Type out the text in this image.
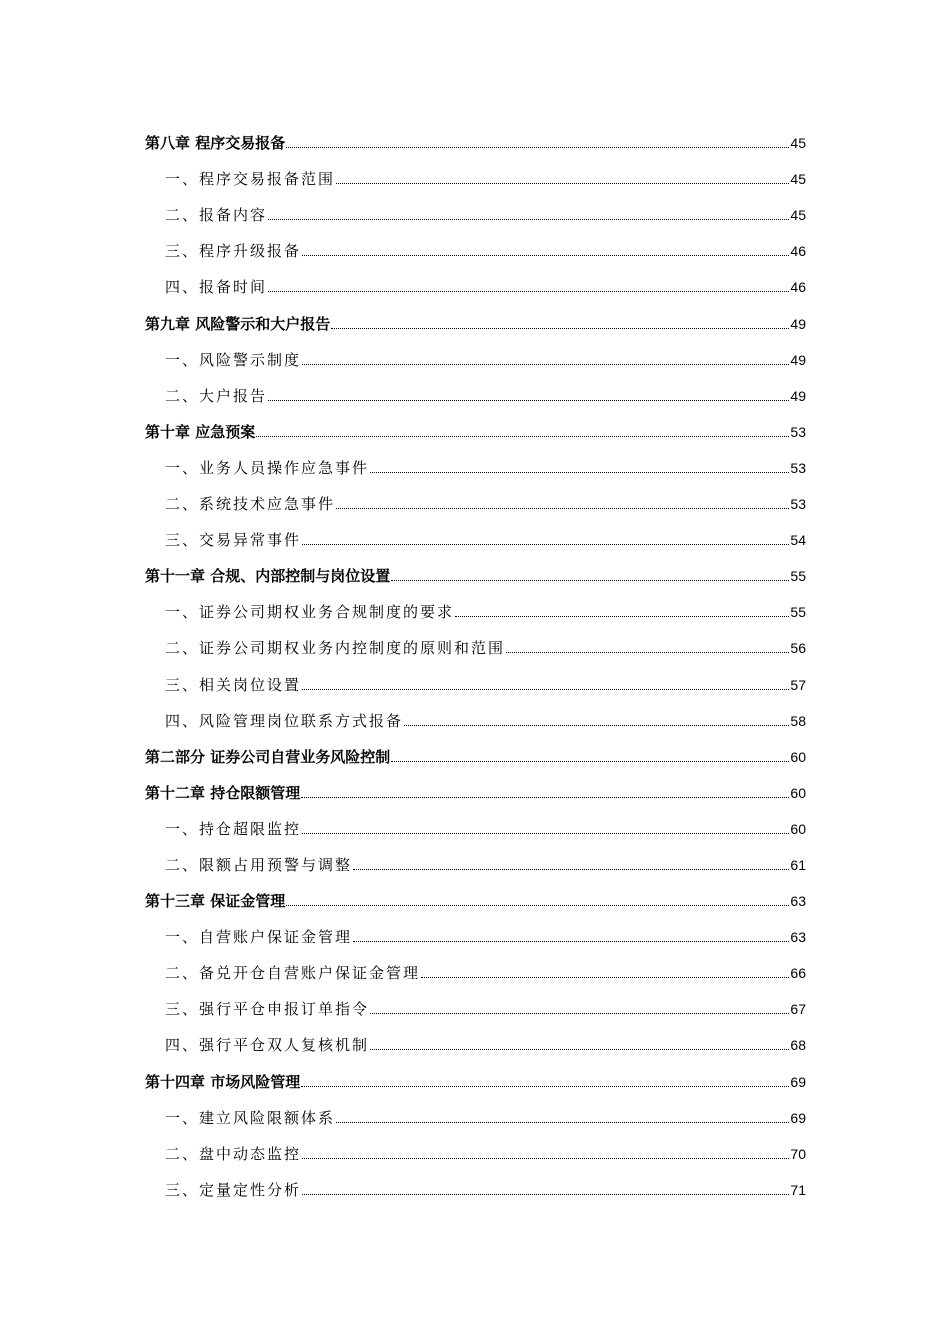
第八章 程序交易报备	45
一、程序交易报备范围	45
二、报备内容	45
三、程序升级报备	46
四、报备时间	46
第九章 风险警示和大户报告	49
一、风险警示制度	49
二、大户报告	49
第十章 应急预案	53
一、业务人员操作应急事件	53
二、系统技术应急事件	53
三、交易异常事件	54
第十一章 合规、内部控制与岗位设置	55
一、证券公司期权业务合规制度的要求	55
二、证券公司期权业务内控制度的原则和范围	56
三、相关岗位设置	57
四、风险管理岗位联系方式报备	58
第二部分 证券公司自营业务风险控制	60
第十二章 持仓限额管理	60
一、持仓超限监控	60
二、限额占用预警与调整	61
第十三章 保证金管理	63
一、自营账户保证金管理	63
二、备兑开仓自营账户保证金管理	66
三、强行平仓申报订单指令	67
四、强行平仓双人复核机制	68
第十四章 市场风险管理	69
一、建立风险限额体系	69
二、盘中动态监控	70
三、定量定性分析	71
